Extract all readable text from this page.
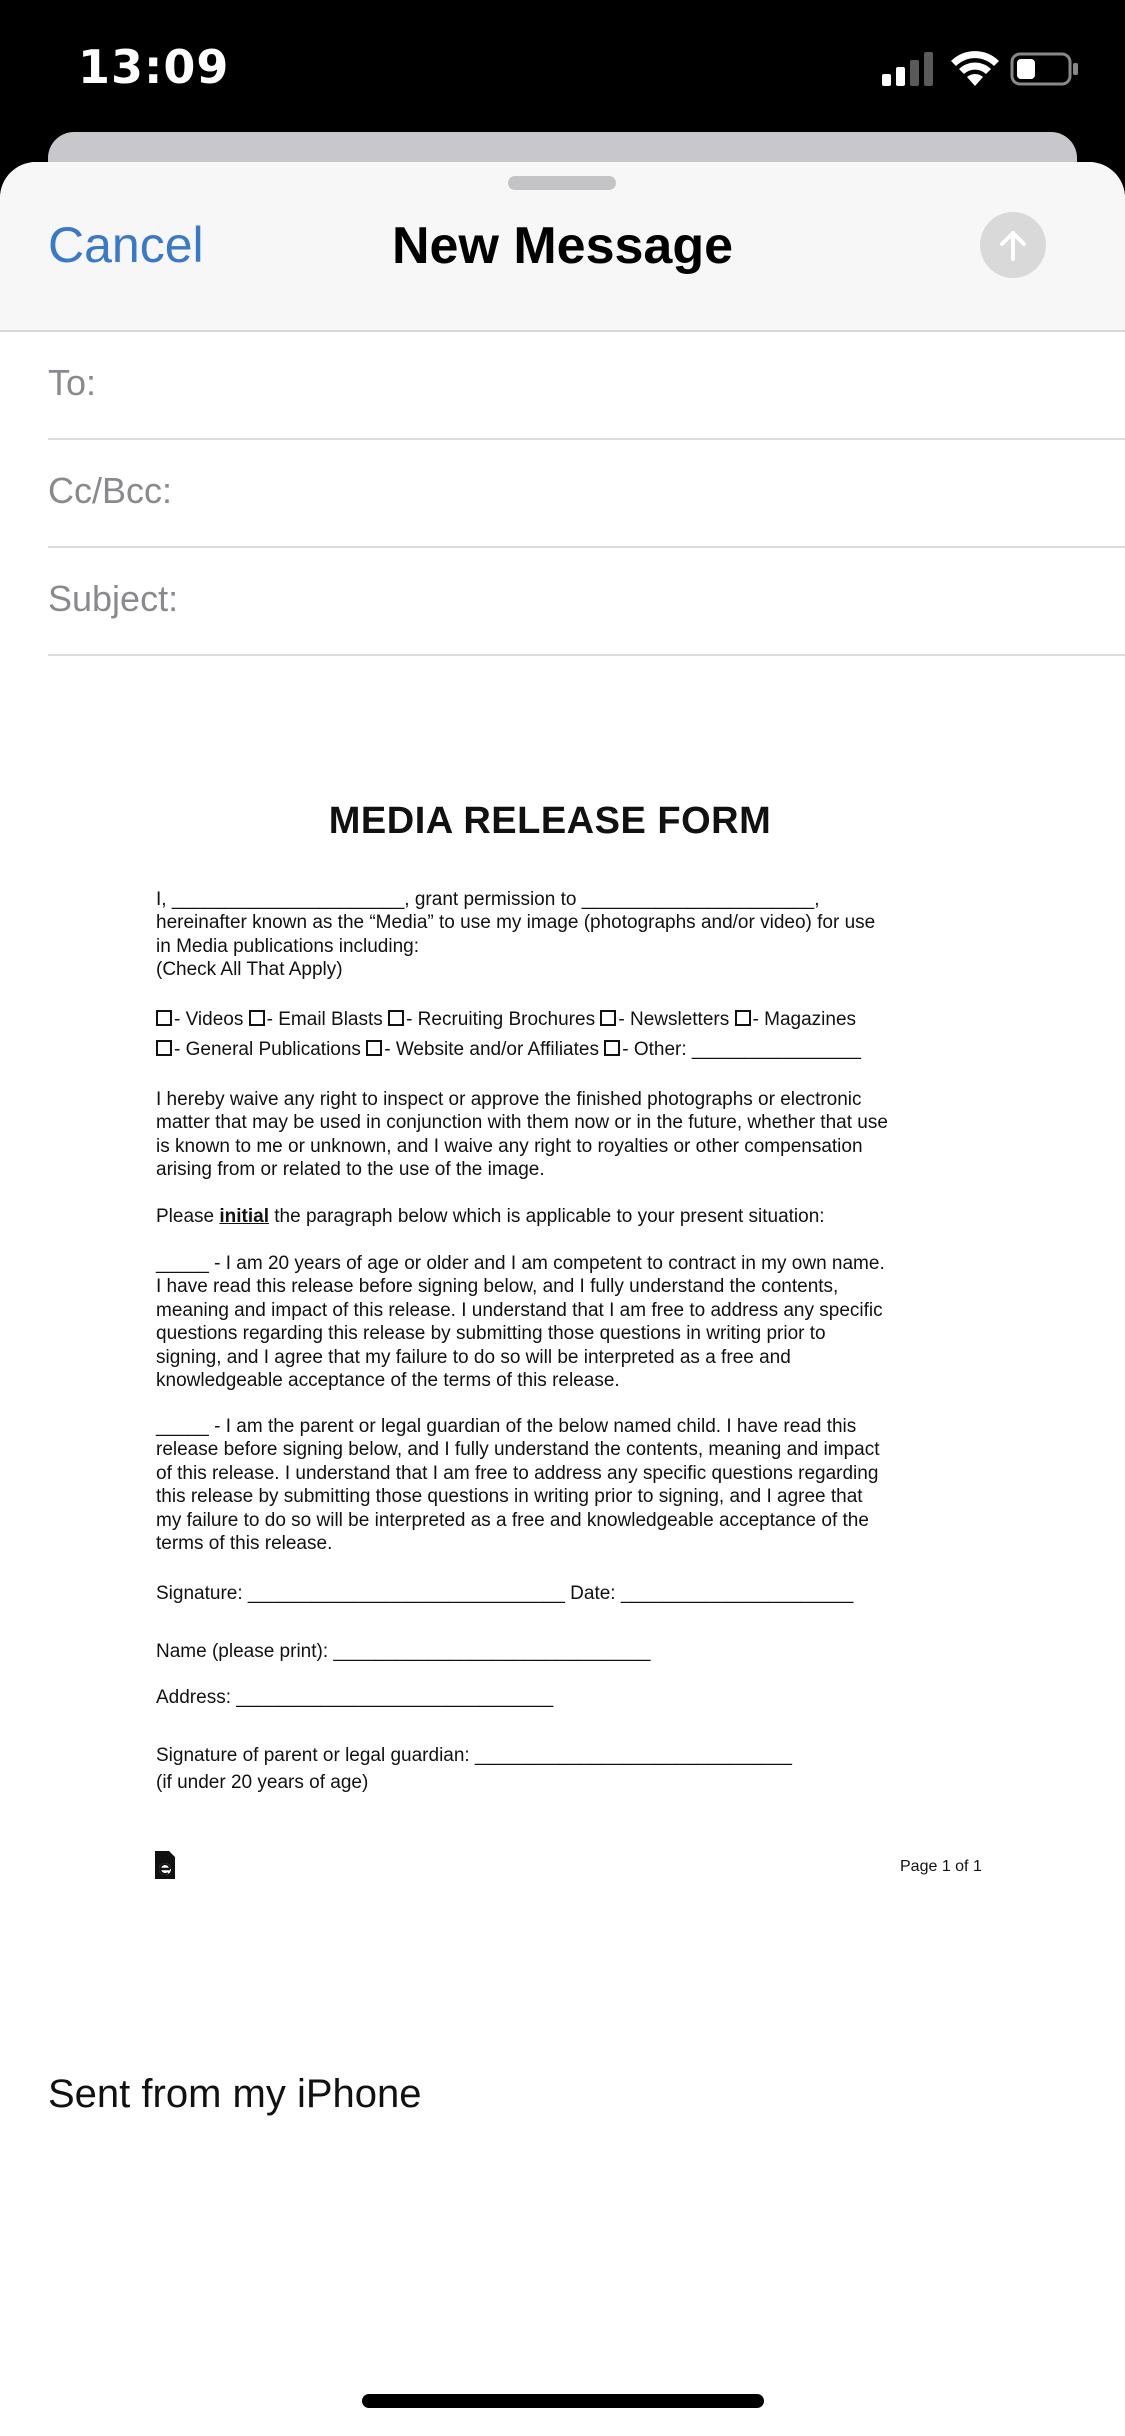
13:09
Cancel	New Message
To:
Cc/Bcc:
Subject:
MEDIA RELEASE FORM

I, ______________________, grant permission to ______________________,

hereinafter known as the “Media” to use my image (photographs and/or video) for use

in Media publications including:

(Check All That Apply)
- Videos - Email Blasts - Recruiting Brochures - Newsletters - Magazines
- General Publications - Website and/or Affiliates - Other: ________________

I hereby waive any right to inspect or approve the finished photographs or electronic

matter that may be used in conjunction with them now or in the future, whether that use

is known to me or unknown, and I waive any right to royalties or other compensation

arising from or related to the use of the image.

Please initial the paragraph below which is applicable to your present situation:

_____ - I am 20 years of age or older and I am competent to contract in my own name.

I have read this release before signing below, and I fully understand the contents,

meaning and impact of this release. I understand that I am free to address any specific

questions regarding this release by submitting those questions in writing prior to

signing, and I agree that my failure to do so will be interpreted as a free and

knowledgeable acceptance of the terms of this release.

_____ - I am the parent or legal guardian of the below named child. I have read this

release before signing below, and I fully understand the contents, meaning and impact

of this release. I understand that I am free to address any specific questions regarding

this release by submitting those questions in writing prior to signing, and I agree that

my failure to do so will be interpreted as a free and knowledgeable acceptance of the

terms of this release.

Signature: ______________________________ Date: ______________________
Name (please print): ______________________________
Address: ______________________________

Signature of parent or legal guardian: ______________________________

(if under 20 years of age)

Page 1 of 1
Sent from my iPhone
